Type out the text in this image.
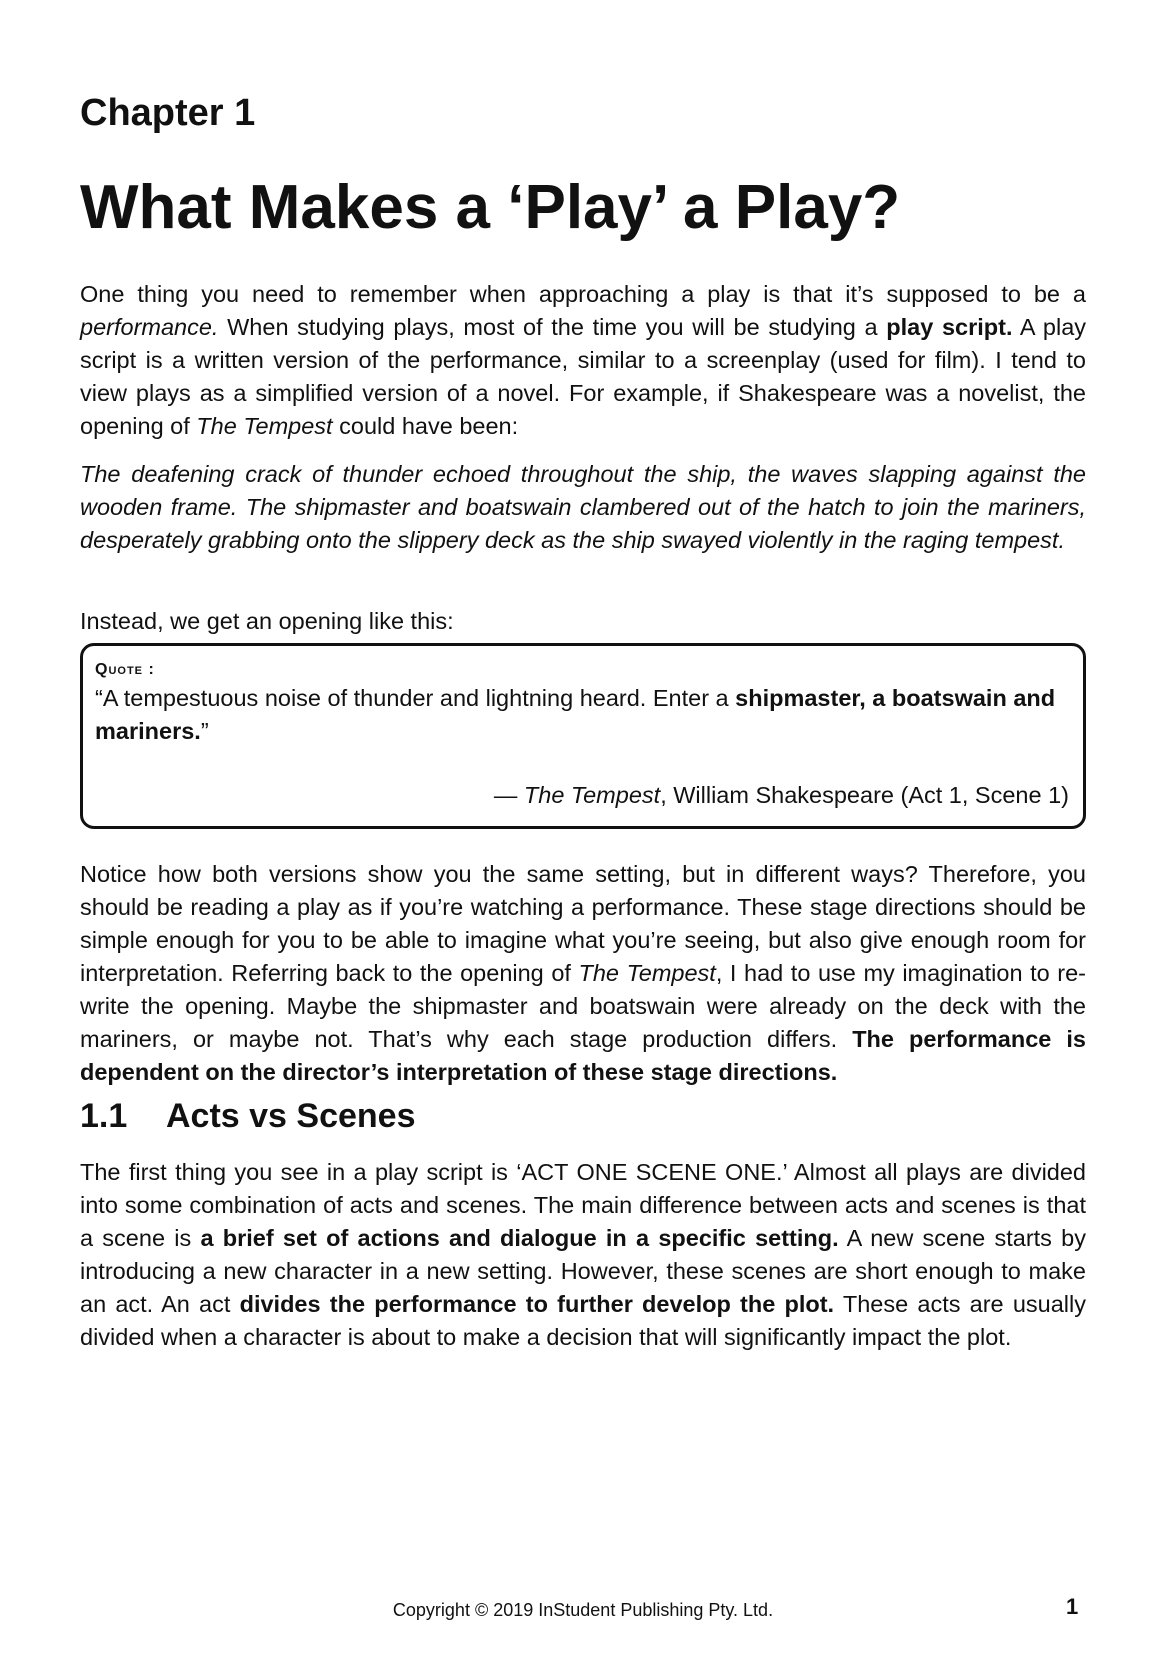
Chapter 1
What Makes a ‘Play’ a Play?

One thing you need to remember when approaching a play is that it’s supposed to be a performance. When studying plays, most of the time you will be studying a play script. A play script is a written version of the performance, similar to a screenplay (used for film). I tend to view plays as a simplified version of a novel. For example, if Shakespeare was a novelist, the opening of The Tempest could have been:

The deafening crack of thunder echoed throughout the ship, the waves slapping against the wooden frame. The shipmaster and boatswain clambered out of the hatch to join the mariners, desperately grabbing onto the slippery deck as the ship swayed violently in the raging tempest.

Instead, we get an opening like this:

Quote :
“A tempestuous noise of thunder and lightning heard. Enter a shipmaster, a boatswain and mariners.”
— The Tempest, William Shakespeare (Act 1, Scene 1)

Notice how both versions show you the same setting, but in different ways? Therefore, you should be reading a play as if you’re watching a performance. These stage directions should be simple enough for you to be able to imagine what you’re seeing, but also give enough room for interpretation. Referring back to the opening of The Tempest, I had to use my imagination to re-write the opening. Maybe the shipmaster and boatswain were already on the deck with the mariners, or maybe not. That’s why each stage production differs. The performance is dependent on the director’s interpretation of these stage directions.

1.1 Acts vs Scenes

The first thing you see in a play script is ‘ACT ONE SCENE ONE.’ Almost all plays are divided into some combination of acts and scenes. The main difference between acts and scenes is that a scene is a brief set of actions and dialogue in a specific setting. A new scene starts by introducing a new character in a new setting. However, these scenes are short enough to make an act. An act divides the performance to further develop the plot. These acts are usually divided when a character is about to make a decision that will significantly impact the plot.

Copyright © 2019 InStudent Publishing Pty. Ltd.	1
